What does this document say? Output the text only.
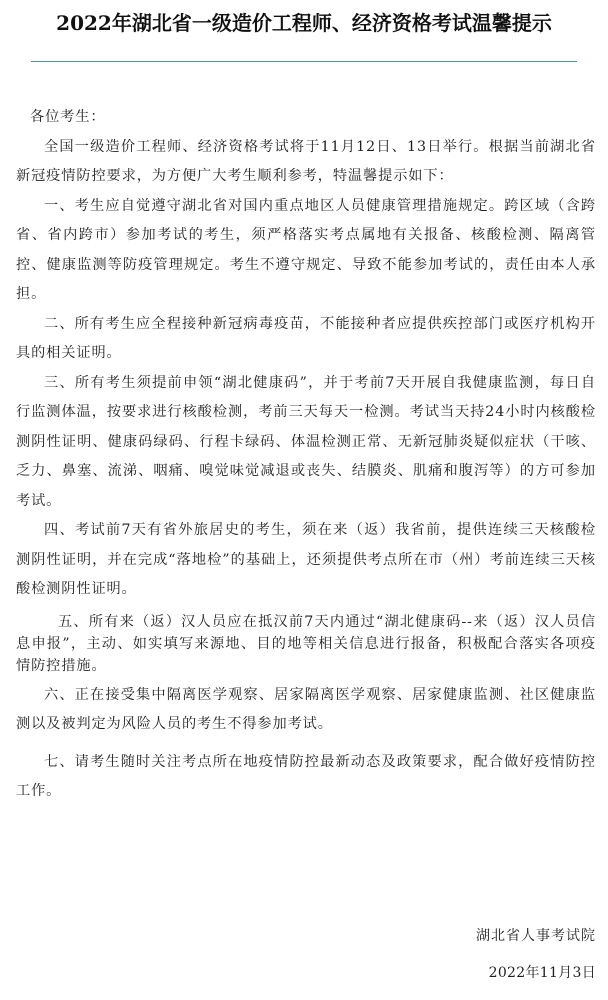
2022年湖北省一级造价工程师、经济资格考试温馨提示

各位考生：

全国一级造价工程师、经济资格考试将于11月12日、13日举行。根据当前湖北省新冠疫情防控要求，为方便广大考生顺利参考，特温馨提示如下：

一、考生应自觉遵守湖北省对国内重点地区人员健康管理措施规定。跨区域（含跨省、省内跨市）参加考试的考生，须严格落实考点属地有关报备、核酸检测、隔离管控、健康监测等防疫管理规定。考生不遵守规定、导致不能参加考试的，责任由本人承担。

二、所有考生应全程接种新冠病毒疫苗，不能接种者应提供疾控部门或医疗机构开具的相关证明。

三、所有考生须提前申领“湖北健康码”，并于考前7天开展自我健康监测，每日自行监测体温，按要求进行核酸检测，考前三天每天一检测。考试当天持24小时内核酸检测阴性证明、健康码绿码、行程卡绿码、体温检测正常、无新冠肺炎疑似症状（干咳、乏力、鼻塞、流涕、咽痛、嗅觉味觉减退或丧失、结膜炎、肌痛和腹泻等）的方可参加考试。

四、考试前7天有省外旅居史的考生，须在来（返）我省前，提供连续三天核酸检测阴性证明，并在完成“落地检”的基础上，还须提供考点所在市（州）考前连续三天核酸检测阴性证明。

五、所有来（返）汉人员应在抵汉前7天内通过“湖北健康码--来（返）汉人员信息申报”，主动、如实填写来源地、目的地等相关信息进行报备，积极配合落实各项疫情防控措施。

六、正在接受集中隔离医学观察、居家隔离医学观察、居家健康监测、社区健康监测以及被判定为风险人员的考生不得参加考试。

七、请考生随时关注考点所在地疫情防控最新动态及政策要求，配合做好疫情防控工作。

湖北省人事考试院
2022年11月3日
